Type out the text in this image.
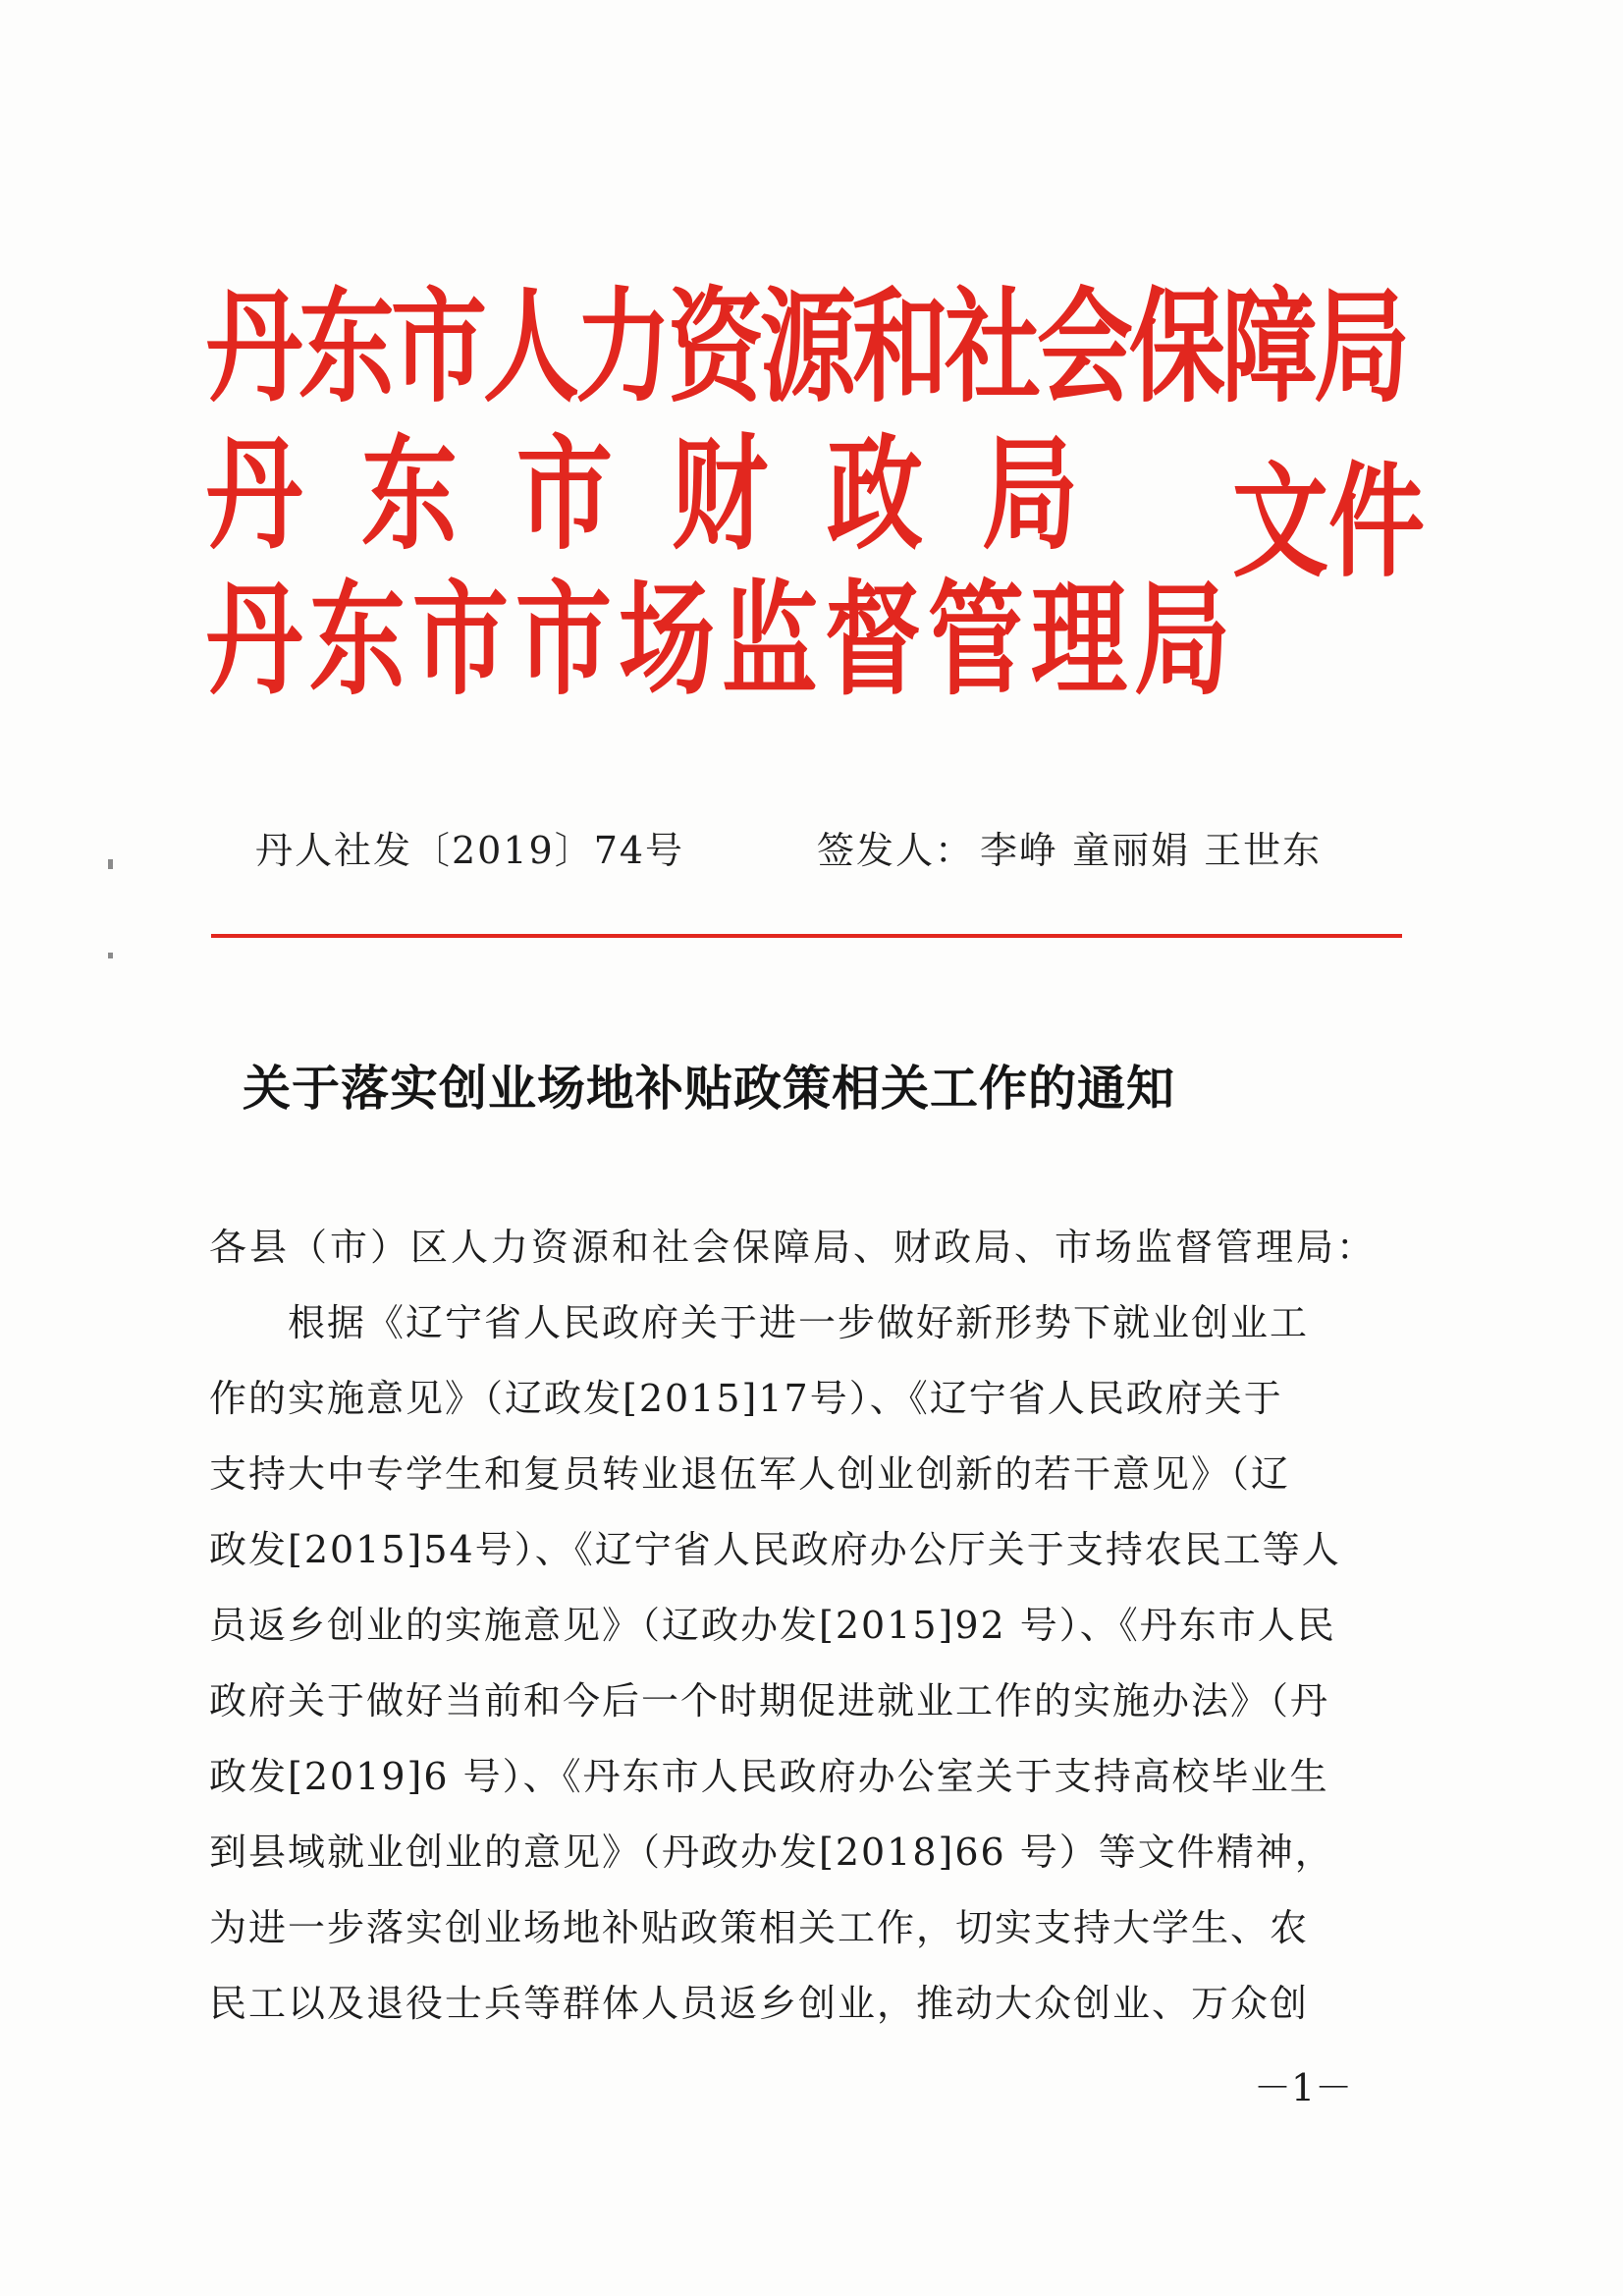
丹东市人力资源和社会保障局
丹东市财政局
丹东市市场监督管理局
文件
丹人社发〔2019〕74号	签发人： 李峥 童丽娟 王世东
关于落实创业场地补贴政策相关工作的通知
各县（市）区人力资源和社会保障局、财政局、市场监督管理局：
　　根据《辽宁省人民政府关于进一步做好新形势下就业创业工
作的实施意见》（辽政发[2015]17号）、《辽宁省人民政府关于
支持大中专学生和复员转业退伍军人创业创新的若干意见》（辽
政发[2015]54号）、《辽宁省人民政府办公厅关于支持农民工等人
员返乡创业的实施意见》（辽政办发[2015]92 号）、《丹东市人民
政府关于做好当前和今后一个时期促进就业工作的实施办法》（丹
政发[2019]6 号）、《丹东市人民政府办公室关于支持高校毕业生
到县域就业创业的意见》（丹政办发[2018]66 号）等文件精神，
为进一步落实创业场地补贴政策相关工作，切实支持大学生、农
民工以及退役士兵等群体人员返乡创业，推动大众创业、万众创
－1－
